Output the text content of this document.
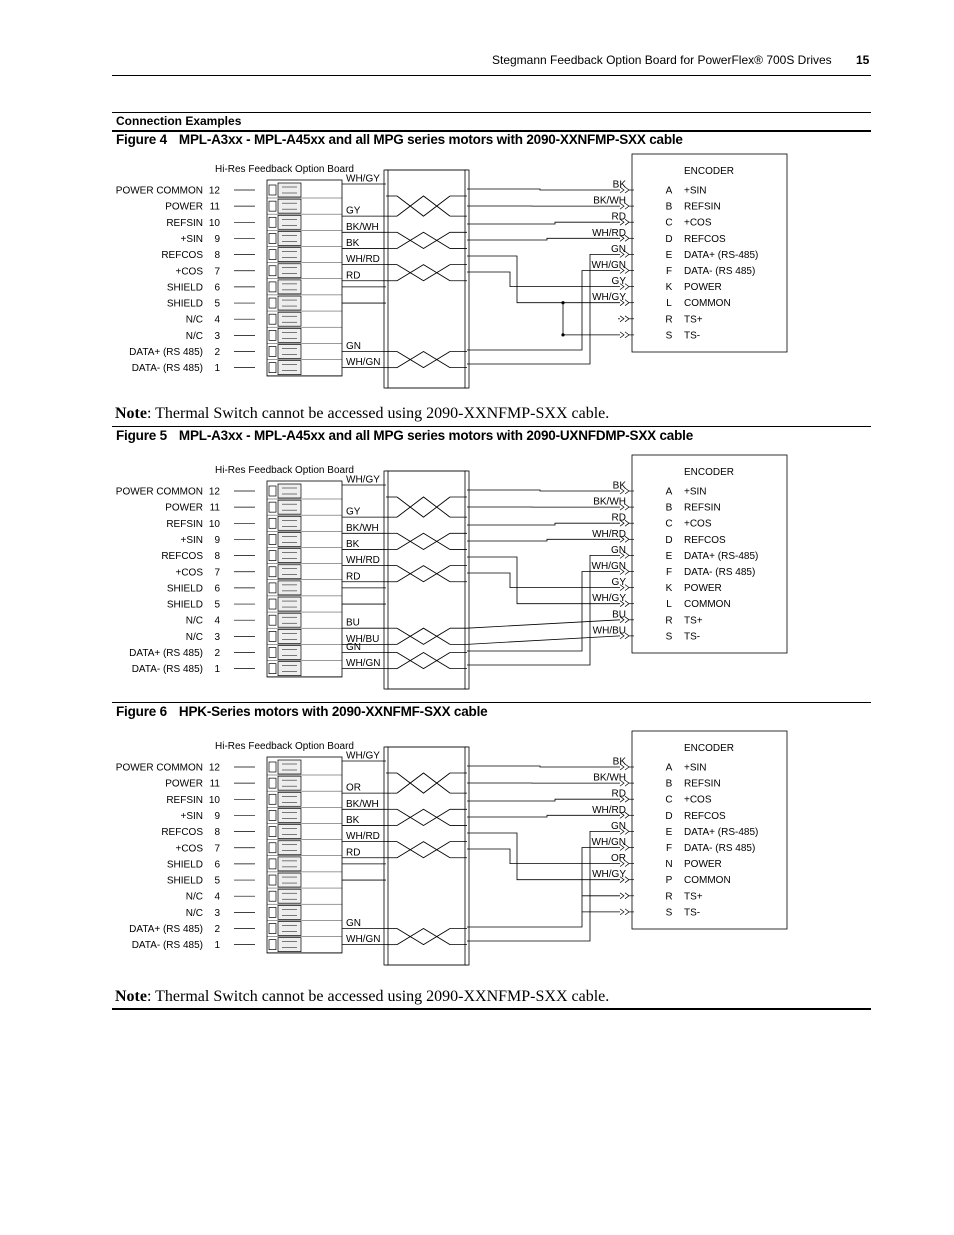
Stegmann Feedback Option Board for PowerFlex® 700S Drives 15
Connection Examples
Figure 4 MPL-A3xx - MPL-A45xx and all MPG series motors with 2090-XXNFMP-SXX cable
Hi-Res Feedback Option Board
POWER COMMON 12
POWER 11
REFSIN 10
+SIN 9
REFCOS 8
+COS 7
SHIELD 6
SHIELD 5
N/C 4
N/C 3
DATA+ (RS 485) 2
DATA- (RS 485) 1
ENCODER
A +SIN
B REFSIN
C +COS
D REFCOS
E DATA+ (RS-485)
F DATA- (RS 485)
K POWER
L COMMON
R TS+
S TS-
WH/GY
GY
BK/WH
BK
WH/RD
RD
GN
WH/GN
BK
BK/WH
RD
WH/RD
GN
WH/GN
GY
WH/GY
Note: Thermal Switch cannot be accessed using 2090-XXNFMP-SXX cable.
Figure 5 MPL-A3xx - MPL-A45xx and all MPG series motors with 2090-UXNFDMP-SXX cable
Hi-Res Feedback Option Board
POWER COMMON 12
POWER 11
REFSIN 10
+SIN 9
REFCOS 8
+COS 7
SHIELD 6
SHIELD 5
N/C 4
N/C 3
DATA+ (RS 485) 2
DATA- (RS 485) 1
ENCODER
A +SIN
B REFSIN
C +COS
D REFCOS
E DATA+ (RS-485)
F DATA- (RS 485)
K POWER
L COMMON
R TS+
S TS-
WH/GY
GY
BK/WH
BK
WH/RD
RD
BU
WH/BU
GN
WH/GN
BK
BK/WH
RD
WH/RD
GN
WH/GN
GY
WH/GY
BU
WH/BU
Figure 6 HPK-Series motors with 2090-XXNFMF-SXX cable
Hi-Res Feedback Option Board
POWER COMMON 12
POWER 11
REFSIN 10
+SIN 9
REFCOS 8
+COS 7
SHIELD 6
SHIELD 5
N/C 4
N/C 3
DATA+ (RS 485) 2
DATA- (RS 485) 1
ENCODER
A +SIN
B REFSIN
C +COS
D REFCOS
E DATA+ (RS-485)
F DATA- (RS 485)
N POWER
P COMMON
R TS+
S TS-
WH/GY
OR
BK/WH
BK
WH/RD
RD
GN
WH/GN
BK
BK/WH
RD
WH/RD
GN
WH/GN
OR
WH/GY
Note: Thermal Switch cannot be accessed using 2090-XXNFMP-SXX cable.
